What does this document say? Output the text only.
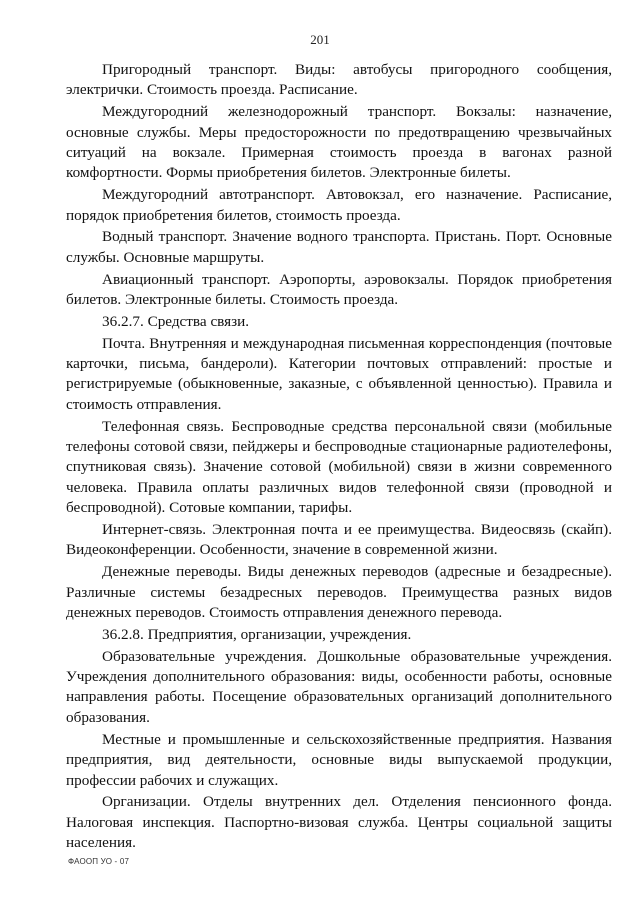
201

Пригородный транспорт. Виды: автобусы пригородного сообщения, электрички. Стоимость проезда. Расписание.

Междугородний железнодорожный транспорт. Вокзалы: назначение, основные службы. Меры предосторожности по предотвращению чрезвычайных ситуаций на вокзале. Примерная стоимость проезда в вагонах разной комфортности. Формы приобретения билетов. Электронные билеты.

Междугородний автотранспорт. Автовокзал, его назначение. Расписание, порядок приобретения билетов, стоимость проезда.

Водный транспорт. Значение водного транспорта. Пристань. Порт. Основные службы. Основные маршруты.

Авиационный транспорт. Аэропорты, аэровокзалы. Порядок приобретения билетов. Электронные билеты. Стоимость проезда.

36.2.7. Средства связи.

Почта. Внутренняя и международная письменная корреспонденция (почтовые карточки, письма, бандероли). Категории почтовых отправлений: простые и регистрируемые (обыкновенные, заказные, с объявленной ценностью). Правила и стоимость отправления.

Телефонная связь. Беспроводные средства персональной связи (мобильные телефоны сотовой связи, пейджеры и беспроводные стационарные радиотелефоны, спутниковая связь). Значение сотовой (мобильной) связи в жизни современного человека. Правила оплаты различных видов телефонной связи (проводной и беспроводной). Сотовые компании, тарифы.

Интернет-связь. Электронная почта и ее преимущества. Видеосвязь (скайп). Видеоконференции. Особенности, значение в современной жизни.

Денежные переводы. Виды денежных переводов (адресные и безадресные). Различные системы безадресных переводов. Преимущества разных видов денежных переводов. Стоимость отправления денежного перевода.

36.2.8. Предприятия, организации, учреждения.

Образовательные учреждения. Дошкольные образовательные учреждения. Учреждения дополнительного образования: виды, особенности работы, основные направления работы. Посещение образовательных организаций дополнительного образования.

Местные и промышленные и сельскохозяйственные предприятия. Названия предприятия, вид деятельности, основные виды выпускаемой продукции, профессии рабочих и служащих.

Организации. Отделы внутренних дел. Отделения пенсионного фонда. Налоговая инспекция. Паспортно-визовая служба. Центры социальной защиты населения.

ФАООП УО - 07
